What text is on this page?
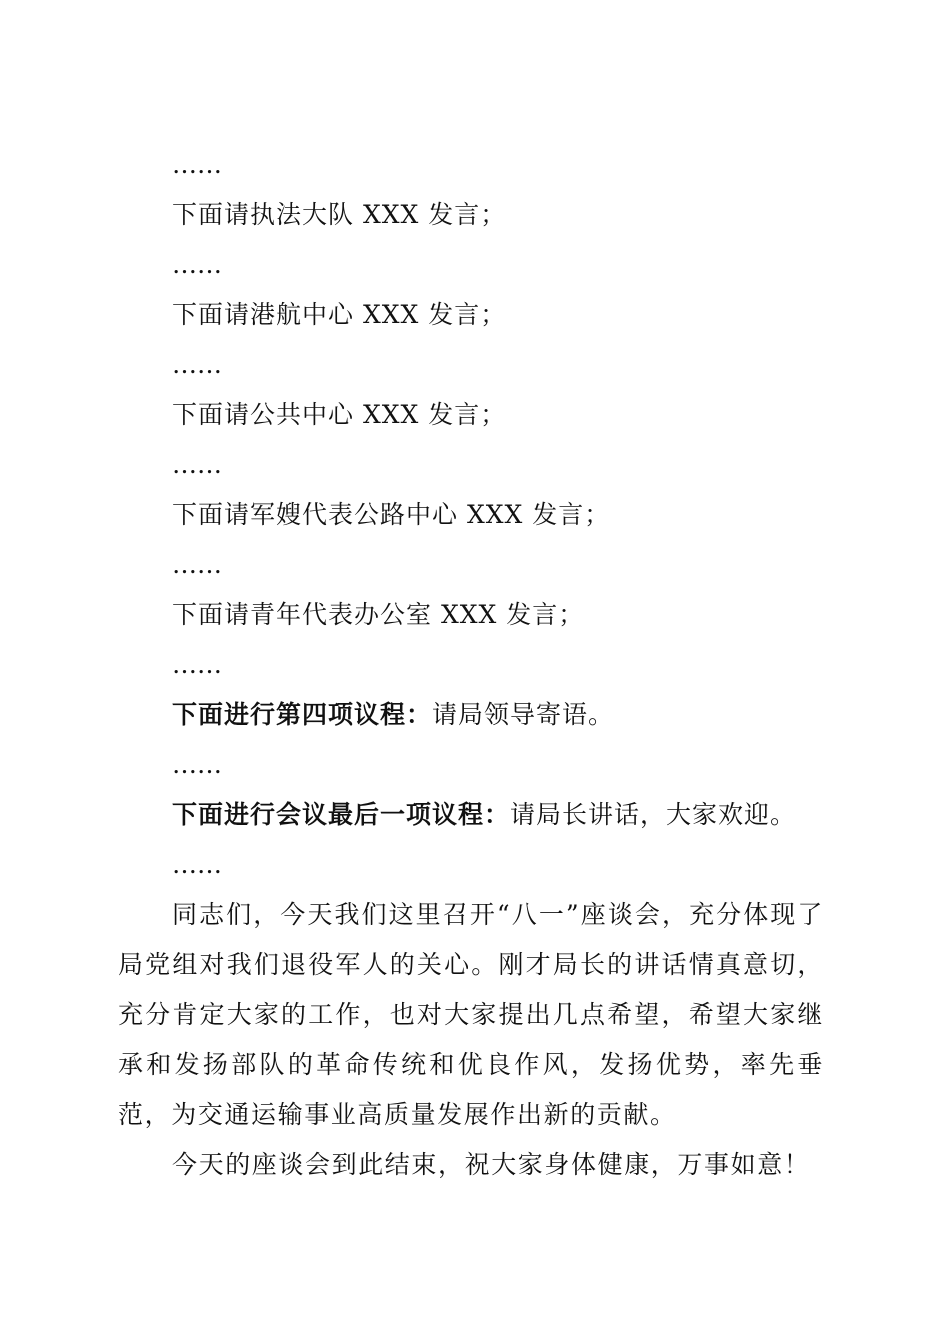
……
下面请执法大队 XXX 发言；
……
下面请港航中心 XXX 发言；
……
下面请公共中心 XXX 发言；
……
下面请军嫂代表公路中心 XXX 发言；
……
下面请青年代表办公室 XXX 发言；
……
下面进行第四项议程：请局领导寄语。
……
下面进行会议最后一项议程：请局长讲话，大家欢迎。
……

同志们，今天我们这里召开“八一”座谈会，充分体现了局党组对我们退役军人的关心。刚才局长的讲话情真意切，充分肯定大家的工作，也对大家提出几点希望，希望大家继承和发扬部队的革命传统和优良作风，发扬优势，率先垂范，为交通运输事业高质量发展作出新的贡献。

今天的座谈会到此结束，祝大家身体健康，万事如意！
